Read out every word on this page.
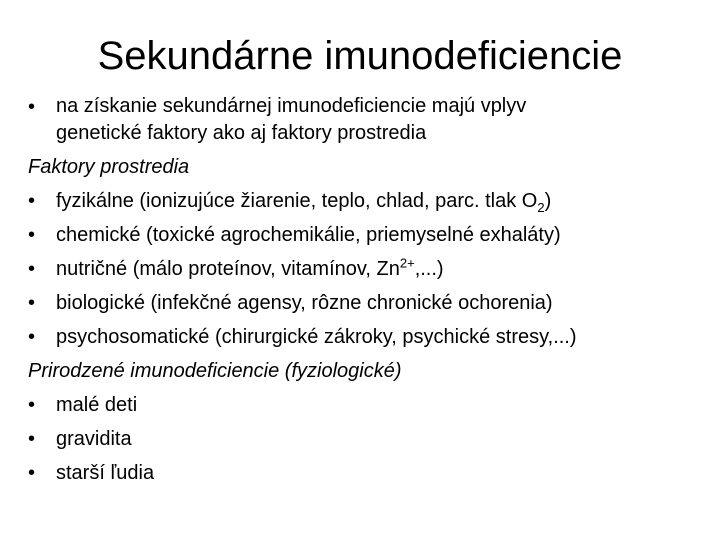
Sekundárne imunodeficiencie
•	na získanie sekundárnej imunodeficiencie majú vplyv
genetické faktory ako aj faktory prostredia
Faktory prostredia
•	fyzikálne (ionizujúce žiarenie, teplo, chlad, parc. tlak $O_2$)
•	chemické (toxické agrochemikálie, priemyselné exhaláty)
•	nutričné (málo proteínov, vitamínov, $Zn^{2+}$,...)
•	biologické (infekčné agensy, rôzne chronické ochorenia)
•	psychosomatické (chirurgické zákroky, psychické stresy,...)
Prirodzené imunodeficiencie (fyziologické)
•	malé deti
•	gravidita
•	starší ľudia
